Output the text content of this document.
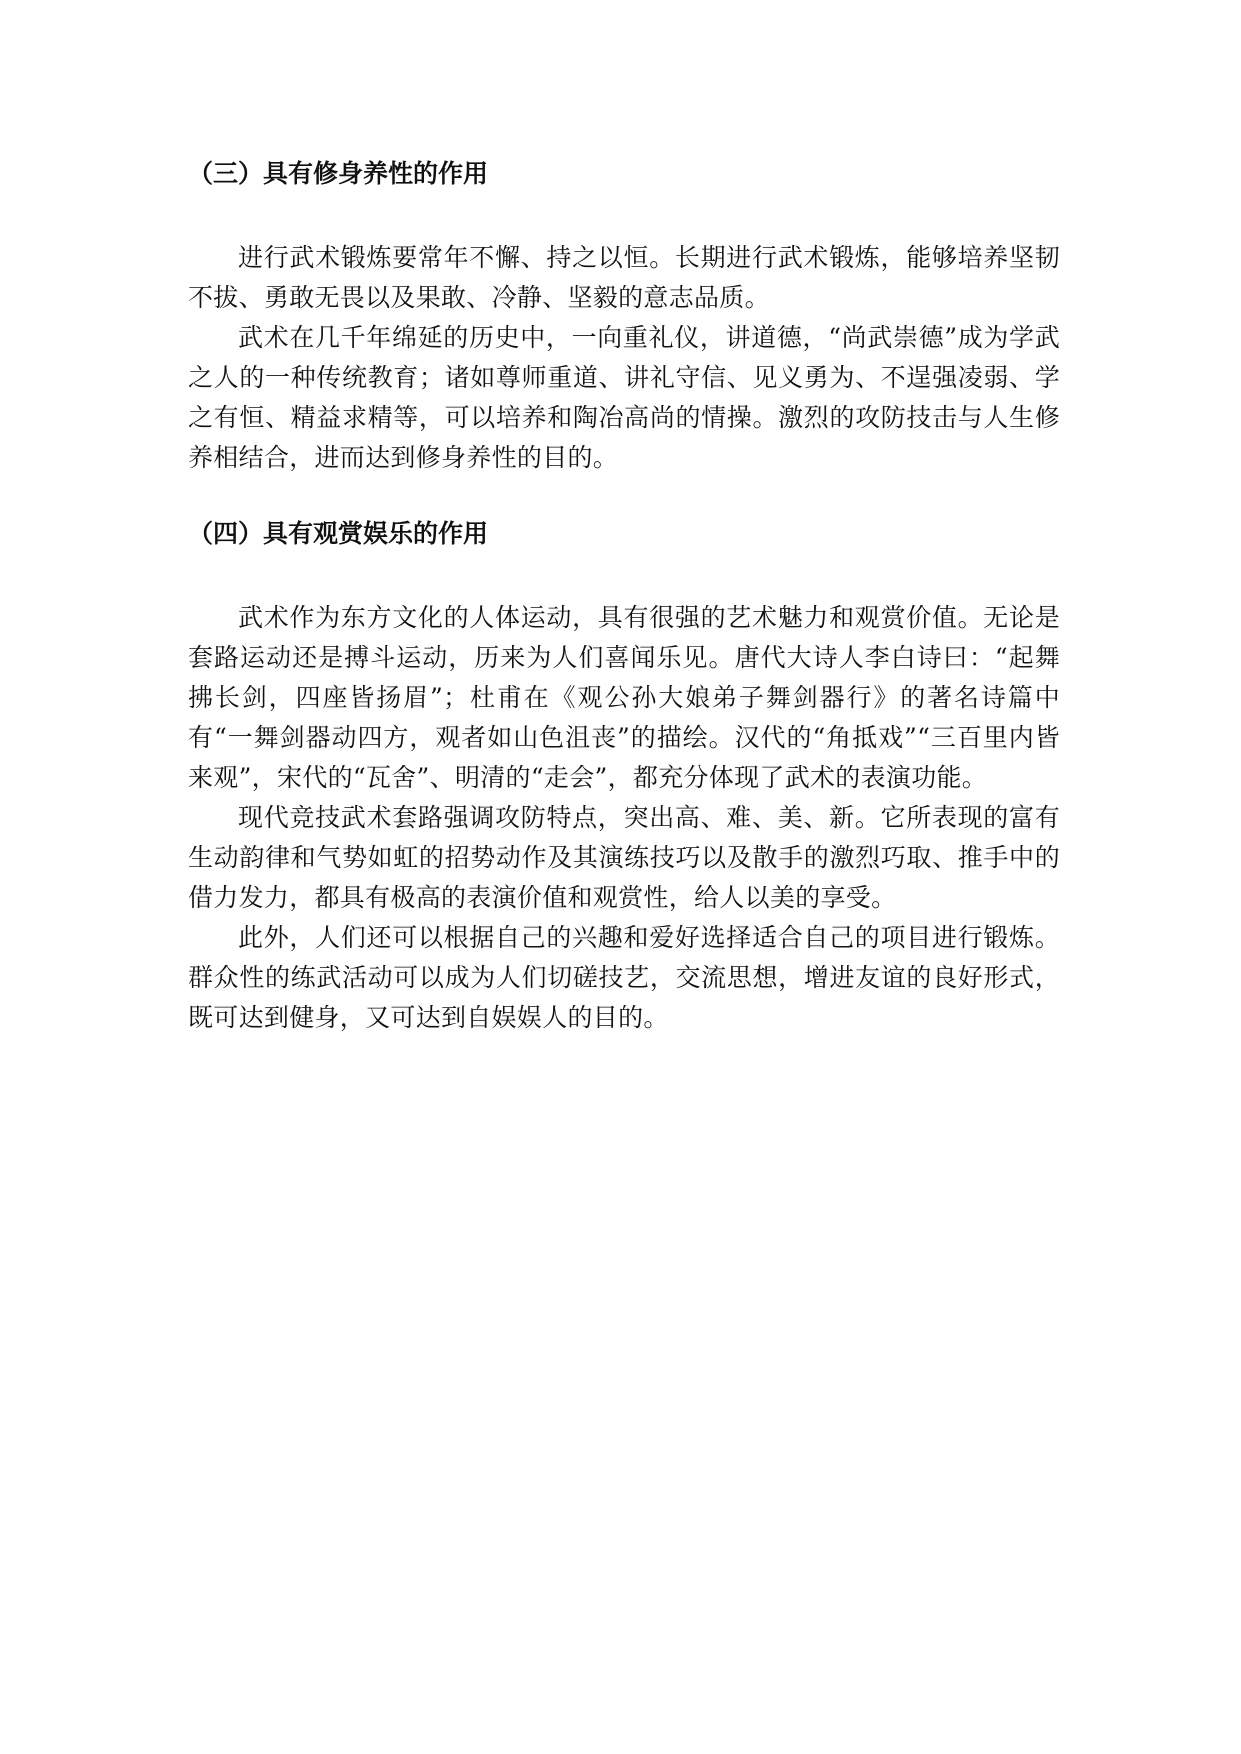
（三）具有修身养性的作用

进行武术锻炼要常年不懈、持之以恒。长期进行武术锻炼，能够培养坚韧不拔、勇敢无畏以及果敢、冷静、坚毅的意志品质。

武术在几千年绵延的历史中，一向重礼仪，讲道德，“尚武崇德”成为学武之人的一种传统教育；诸如尊师重道、讲礼守信、见义勇为、不逞强凌弱、学之有恒、精益求精等，可以培养和陶冶高尚的情操。激烈的攻防技击与人生修养相结合，进而达到修身养性的目的。

（四）具有观赏娱乐的作用

武术作为东方文化的人体运动，具有很强的艺术魅力和观赏价值。无论是套路运动还是搏斗运动，历来为人们喜闻乐见。唐代大诗人李白诗曰：“起舞拂长剑，四座皆扬眉”；杜甫在《观公孙大娘弟子舞剑器行》的著名诗篇中有“一舞剑器动四方，观者如山色沮丧”的描绘。汉代的“角抵戏”“三百里内皆来观”，宋代的“瓦舍”、明清的“走会”，都充分体现了武术的表演功能。

现代竞技武术套路强调攻防特点，突出高、难、美、新。它所表现的富有生动韵律和气势如虹的招势动作及其演练技巧以及散手的激烈巧取、推手中的借力发力，都具有极高的表演价值和观赏性，给人以美的享受。

此外，人们还可以根据自己的兴趣和爱好选择适合自己的项目进行锻炼。群众性的练武活动可以成为人们切磋技艺，交流思想，增进友谊的良好形式，既可达到健身，又可达到自娱娱人的目的。
